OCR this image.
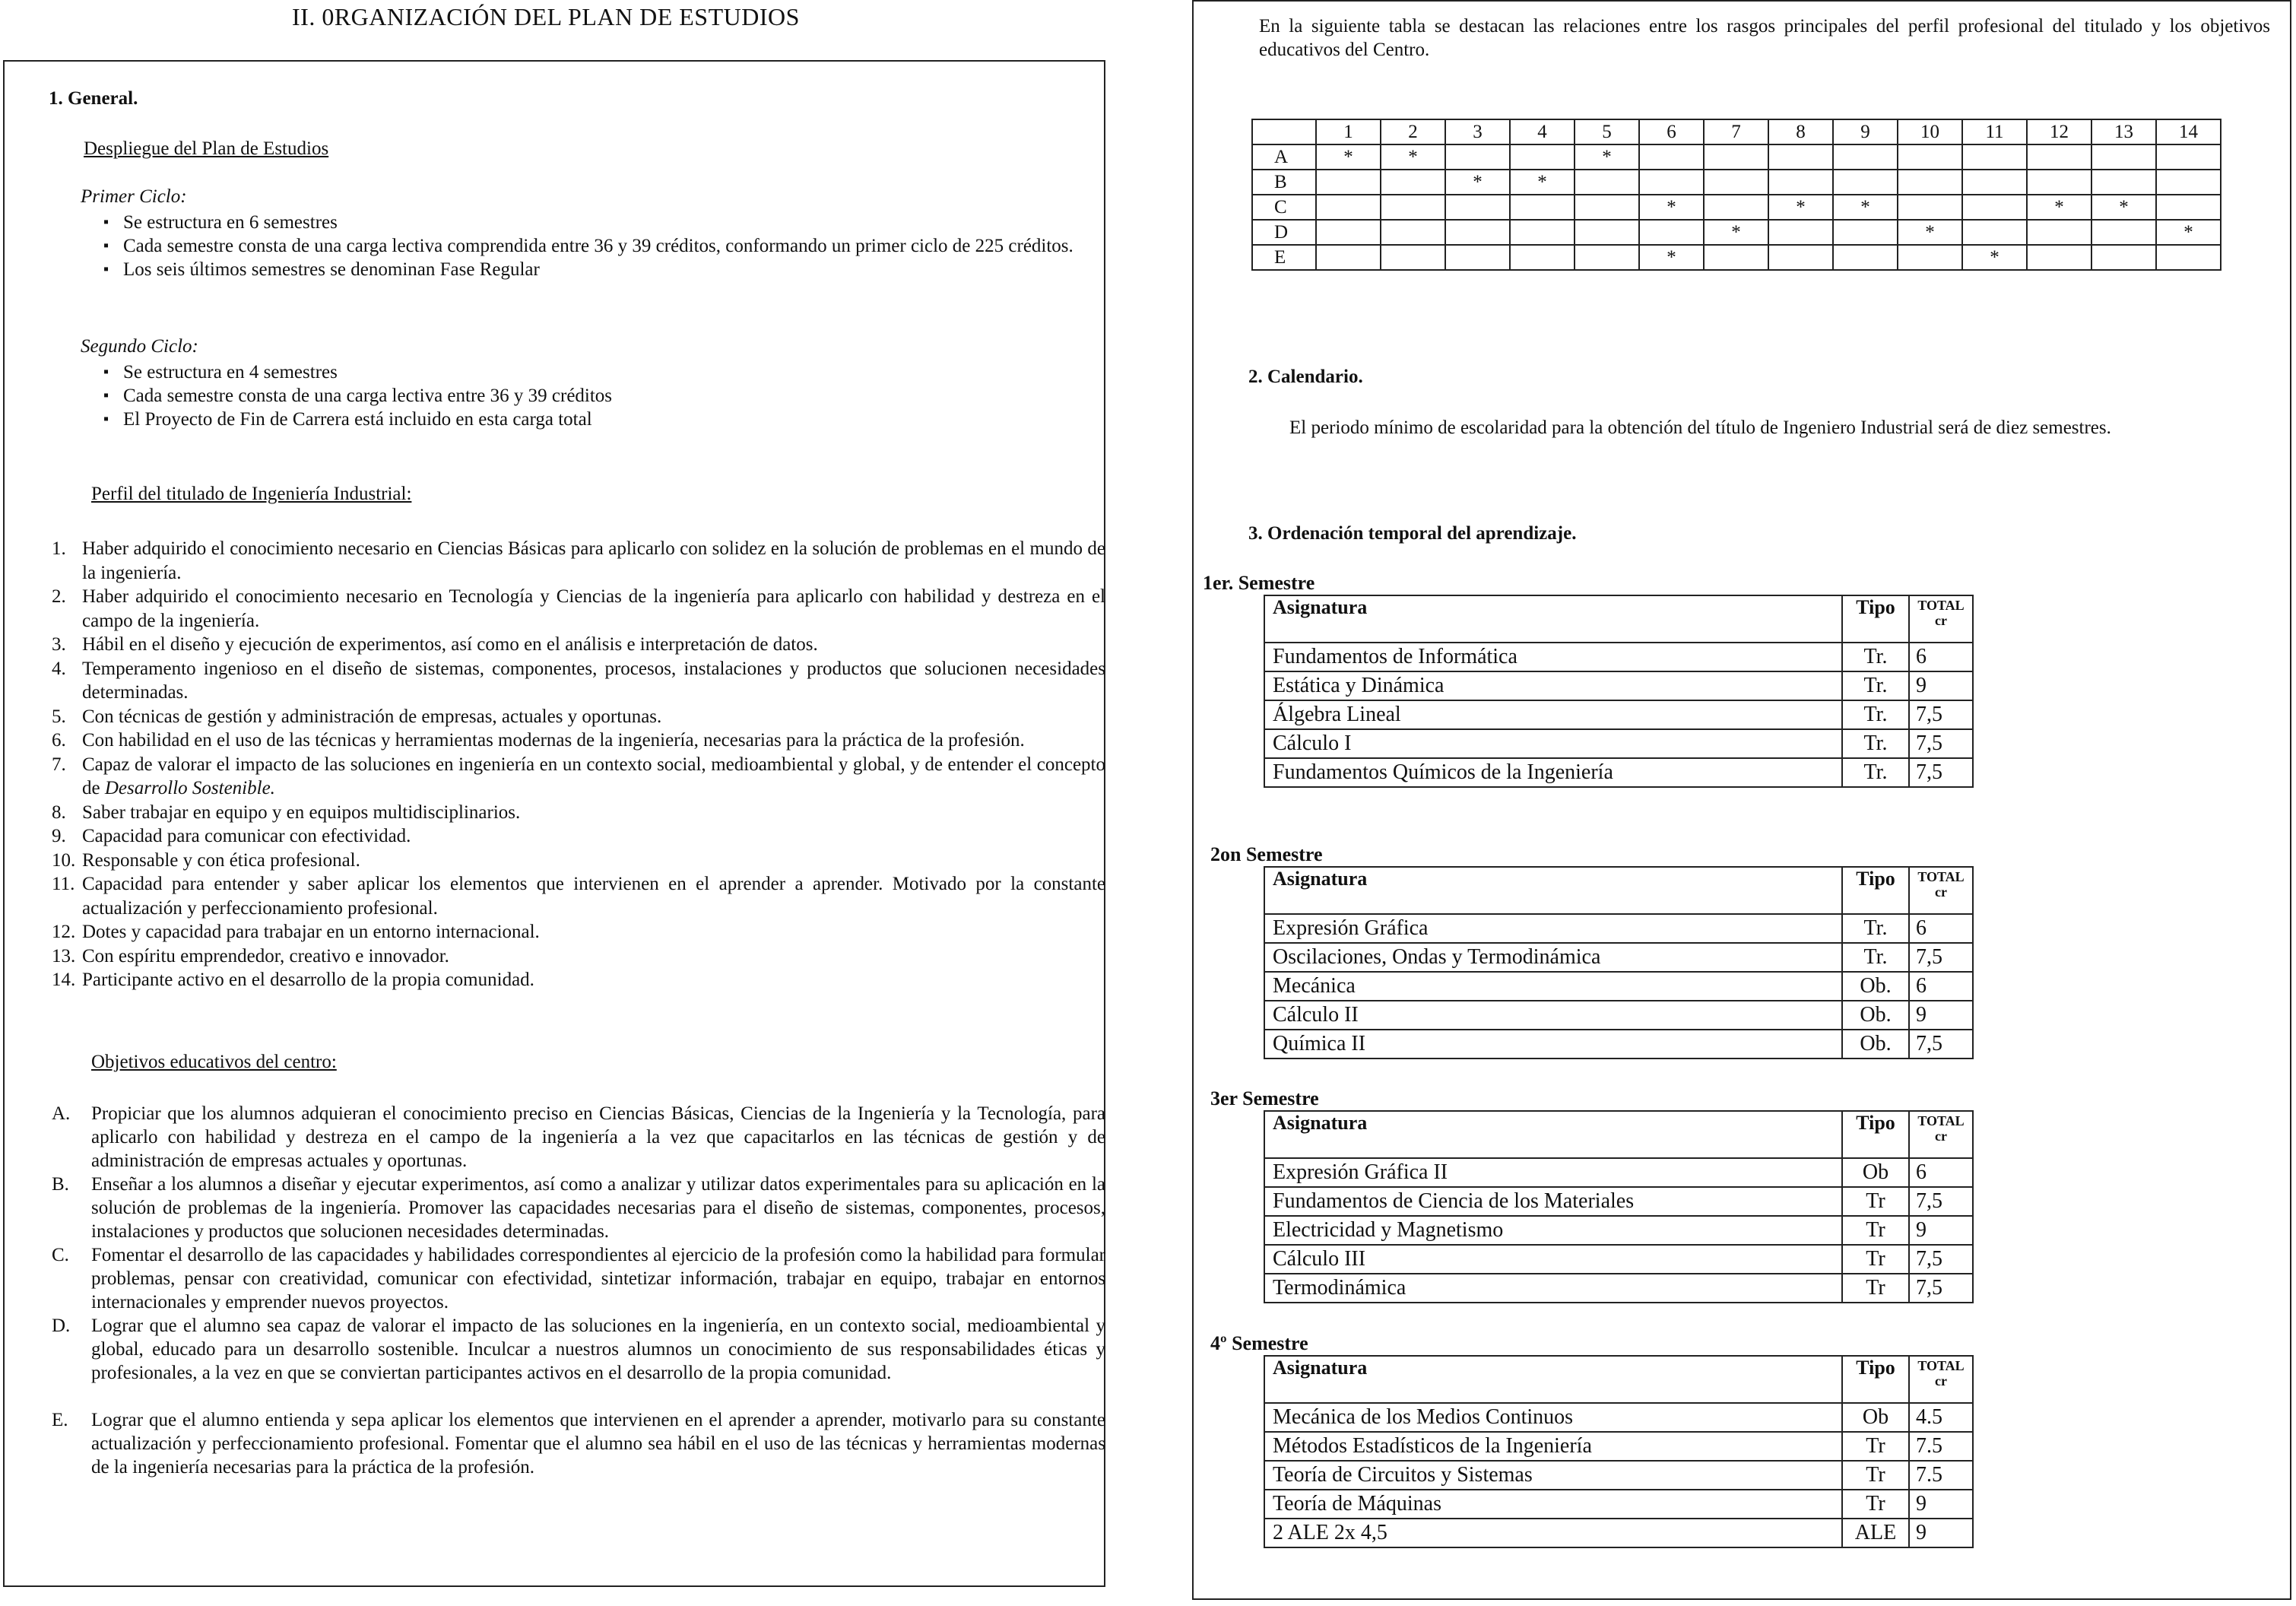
II. 0RGANIZACIÓN DEL PLAN DE ESTUDIOS
1. General.
Despliegue del Plan de Estudios
Primer Ciclo:
▪ Se estructura en 6 semestres
▪ Cada semestre consta de una carga lectiva comprendida entre 36 y 39 créditos, conformando un primer ciclo de 225 créditos.
▪ Los seis últimos semestres se denominan Fase Regular
Segundo Ciclo:
▪ Se estructura en 4 semestres
▪ Cada semestre consta de una carga lectiva entre 36 y 39 créditos
▪ El Proyecto de Fin de Carrera está incluido en esta carga total
Perfil del titulado de Ingeniería Industrial:
1. Haber adquirido el conocimiento necesario en Ciencias Básicas para aplicarlo con solidez en la solución de problemas en el mundo de la ingeniería.
2. Haber adquirido el conocimiento necesario en Tecnología y Ciencias de la ingeniería para aplicarlo con habilidad y destreza en el campo de la ingeniería.
3. Hábil en el diseño y ejecución de experimentos, así como en el análisis e interpretación de datos.
4. Temperamento ingenioso en el diseño de sistemas, componentes, procesos, instalaciones y productos que solucionen necesidades determinadas.
5. Con técnicas de gestión y administración de empresas, actuales y oportunas.
6. Con habilidad en el uso de las técnicas y herramientas modernas de la ingeniería, necesarias para la práctica de la profesión.
7. Capaz de valorar el impacto de las soluciones en ingeniería en un contexto social, medioambiental y global, y de entender el concepto de Desarrollo Sostenible.
8. Saber trabajar en equipo y en equipos multidisciplinarios.
9. Capacidad para comunicar con efectividad.
10. Responsable y con ética profesional.
11. Capacidad para entender y saber aplicar los elementos que intervienen en el aprender a aprender. Motivado por la constante actualización y perfeccionamiento profesional.
12. Dotes y capacidad para trabajar en un entorno internacional.
13. Con espíritu emprendedor, creativo e innovador.
14. Participante activo en el desarrollo de la propia comunidad.
Objetivos educativos del centro:
A. Propiciar que los alumnos adquieran el conocimiento preciso en Ciencias Básicas, Ciencias de la Ingeniería y la Tecnología, para aplicarlo con habilidad y destreza en el campo de la ingeniería a la vez que capacitarlos en las técnicas de gestión y de administración de empresas actuales y oportunas.
B. Enseñar a los alumnos a diseñar y ejecutar experimentos, así como a analizar y utilizar datos experimentales para su aplicación en la solución de problemas de la ingeniería. Promover las capacidades necesarias para el diseño de sistemas, componentes, procesos, instalaciones y productos que solucionen necesidades determinadas.
C. Fomentar el desarrollo de las capacidades y habilidades correspondientes al ejercicio de la profesión como la habilidad para formular problemas, pensar con creatividad, comunicar con efectividad, sintetizar información, trabajar en equipo, trabajar en entornos internacionales y emprender nuevos proyectos.
D. Lograr que el alumno sea capaz de valorar el impacto de las soluciones en la ingeniería, en un contexto social, medioambiental y global, educado para un desarrollo sostenible. Inculcar a nuestros alumnos un conocimiento de sus responsabilidades éticas y profesionales, a la vez en que se conviertan participantes activos en el desarrollo de la propia comunidad.
E. Lograr que el alumno entienda y sepa aplicar los elementos que intervienen en el aprender a aprender, motivarlo para su constante actualización y perfeccionamiento profesional. Fomentar que el alumno sea hábil en el uso de las técnicas y herramientas modernas de la ingeniería necesarias para la práctica de la profesión.
En la siguiente tabla se destacan las relaciones entre los rasgos principales del perfil profesional del titulado y los objetivos educativos del Centro.
	1	2	3	4	5	6	7	8	9	10	11	12	13	14
A	*	*			*									
B			*	*										
C						*		*	*			*	*	
D							*			*				*
E						*					*			
2. Calendario.
El periodo mínimo de escolaridad para la obtención del título de Ingeniero Industrial será de diez semestres.
3. Ordenación temporal del aprendizaje.
1er. Semestre
Asignatura	Tipo	TOTAL
cr

Fundamentos de Informática	Tr.	6
Estática y Dinámica	Tr.	9
Álgebra Lineal	Tr.	7,5
Cálculo I	Tr.	7,5
Fundamentos Químicos de la Ingeniería	Tr.	7,5
2on Semestre
Asignatura	Tipo	TOTAL
cr

Expresión Gráfica	Tr.	6
Oscilaciones, Ondas y Termodinámica	Tr.	7,5
Mecánica	Ob.	6
Cálculo II	Ob.	9
Química II	Ob.	7,5
3er Semestre
Asignatura	Tipo	TOTAL
cr

Expresión Gráfica II	Ob	6
Fundamentos de Ciencia de los Materiales	Tr	7,5
Electricidad y Magnetismo	Tr	9
Cálculo III	Tr	7,5
Termodinámica	Tr	7,5
4º Semestre
Asignatura	Tipo	TOTAL
cr

Mecánica de los Medios Continuos	Ob	4.5
Métodos Estadísticos de la Ingeniería	Tr	7.5
Teoría de Circuitos y Sistemas	Tr	7.5
Teoría de Máquinas	Tr	9
2 ALE 2x 4,5	ALE	9
